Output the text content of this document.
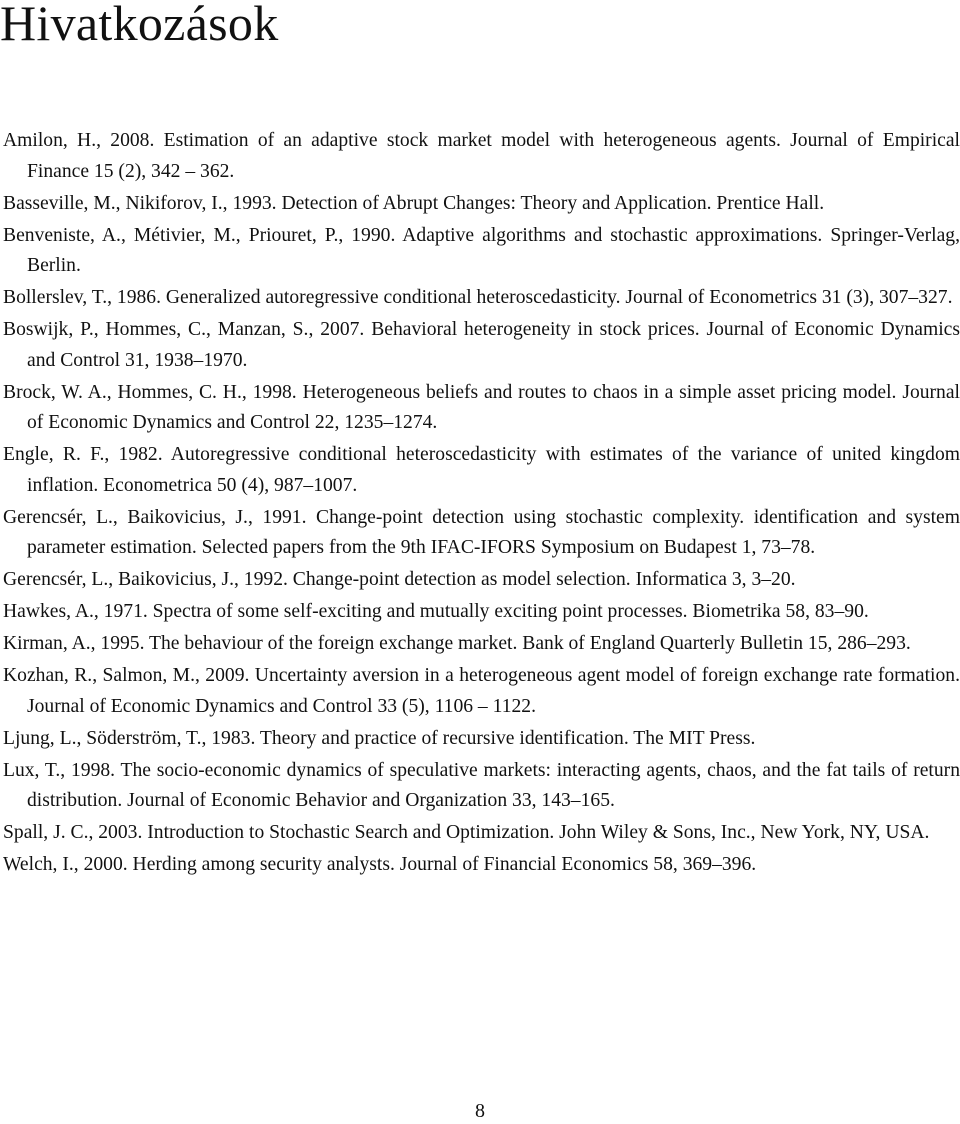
Hivatkozások

Amilon, H., 2008. Estimation of an adaptive stock market model with heterogeneous agents. Journal of Empirical Finance 15 (2), 342 – 362.

Basseville, M., Nikiforov, I., 1993. Detection of Abrupt Changes: Theory and Application. Prentice Hall.

Benveniste, A., Métivier, M., Priouret, P., 1990. Adaptive algorithms and stochastic approximations. Springer-Verlag, Berlin.

Bollerslev, T., 1986. Generalized autoregressive conditional heteroscedasticity. Journal of Econometrics 31 (3), 307–327.

Boswijk, P., Hommes, C., Manzan, S., 2007. Behavioral heterogeneity in stock prices. Journal of Economic Dynamics and Control 31, 1938–1970.

Brock, W. A., Hommes, C. H., 1998. Heterogeneous beliefs and routes to chaos in a simple asset pricing model. Journal of Economic Dynamics and Control 22, 1235–1274.

Engle, R. F., 1982. Autoregressive conditional heteroscedasticity with estimates of the variance of united kingdom inflation. Econometrica 50 (4), 987–1007.

Gerencsér, L., Baikovicius, J., 1991. Change-point detection using stochastic complexity. identification and system parameter estimation. Selected papers from the 9th IFAC-IFORS Symposium on Budapest 1, 73–78.

Gerencsér, L., Baikovicius, J., 1992. Change-point detection as model selection. Informatica 3, 3–20.

Hawkes, A., 1971. Spectra of some self-exciting and mutually exciting point processes. Biometrika 58, 83–90.

Kirman, A., 1995. The behaviour of the foreign exchange market. Bank of England Quarterly Bulletin 15, 286–293.

Kozhan, R., Salmon, M., 2009. Uncertainty aversion in a heterogeneous agent model of foreign exchange rate formation. Journal of Economic Dynamics and Control 33 (5), 1106 – 1122.

Ljung, L., Söderström, T., 1983. Theory and practice of recursive identification. The MIT Press.

Lux, T., 1998. The socio-economic dynamics of speculative markets: interacting agents, chaos, and the fat tails of return distribution. Journal of Economic Behavior and Organization 33, 143–165.

Spall, J. C., 2003. Introduction to Stochastic Search and Optimization. John Wiley & Sons, Inc., New York, NY, USA.

Welch, I., 2000. Herding among security analysts. Journal of Financial Economics 58, 369–396.

8
